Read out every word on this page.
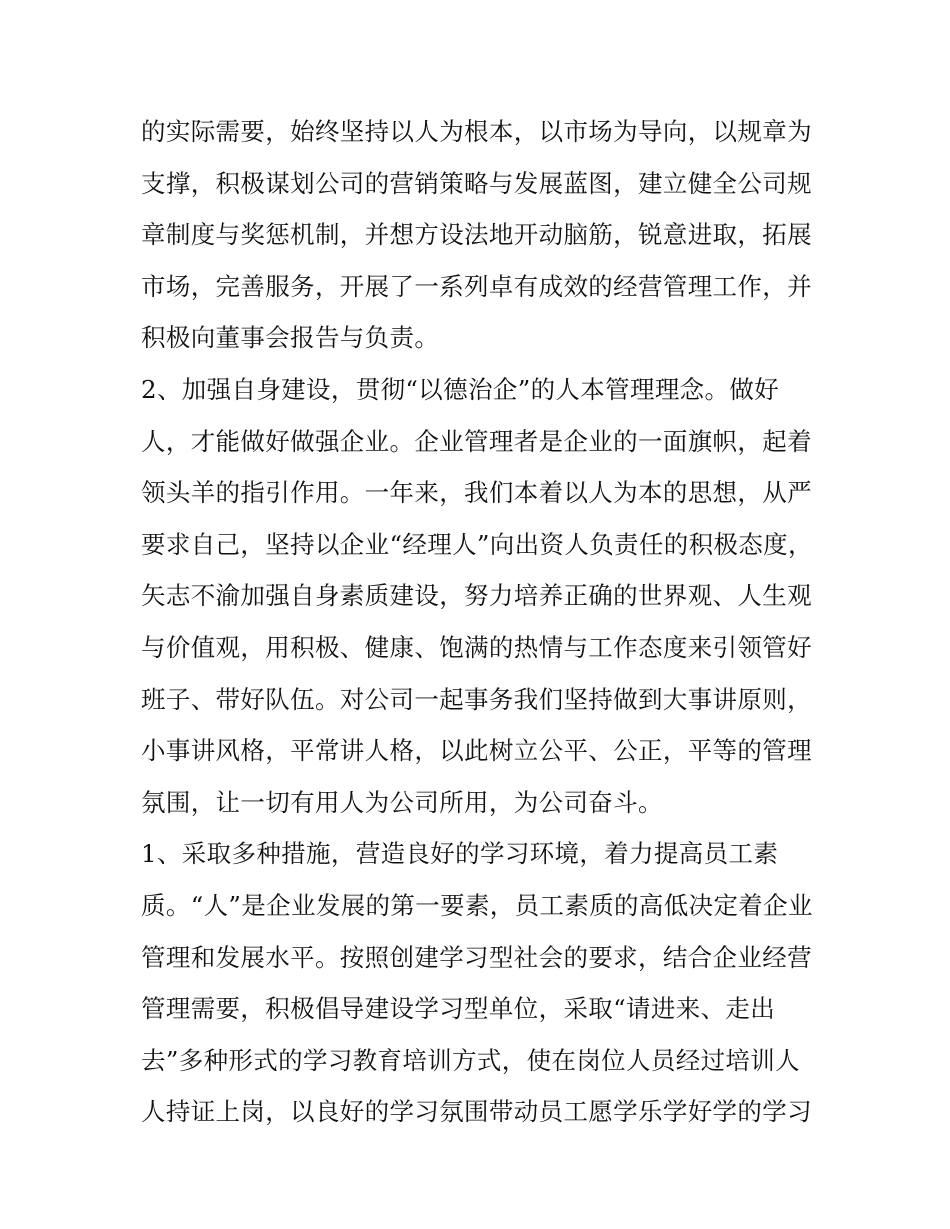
的实际需要，始终坚持以人为根本，以市场为导向，以规章为
支撑，积极谋划公司的营销策略与发展蓝图，建立健全公司规
章制度与奖惩机制，并想方设法地开动脑筋，锐意进取，拓展
市场，完善服务，开展了一系列卓有成效的经营管理工作，并
积极向董事会报告与负责。
2、加强自身建设，贯彻“以德治企”的人本管理理念。做好
人，才能做好做强企业。企业管理者是企业的一面旗帜，起着
领头羊的指引作用。一年来，我们本着以人为本的思想，从严
要求自己，坚持以企业“经理人”向出资人负责任的积极态度，
矢志不渝加强自身素质建设，努力培养正确的世界观、人生观
与价值观，用积极、健康、饱满的热情与工作态度来引领管好
班子、带好队伍。对公司一起事务我们坚持做到大事讲原则，
小事讲风格，平常讲人格，以此树立公平、公正，平等的管理
氛围，让一切有用人为公司所用，为公司奋斗。
1、采取多种措施，营造良好的学习环境，着力提高员工素
质。“人”是企业发展的第一要素，员工素质的高低决定着企业
管理和发展水平。按照创建学习型社会的要求，结合企业经营
管理需要，积极倡导建设学习型单位，采取“请进来、走出
去”多种形式的学习教育培训方式，使在岗位人员经过培训人
人持证上岗，以良好的学习氛围带动员工愿学乐学好学的学习
